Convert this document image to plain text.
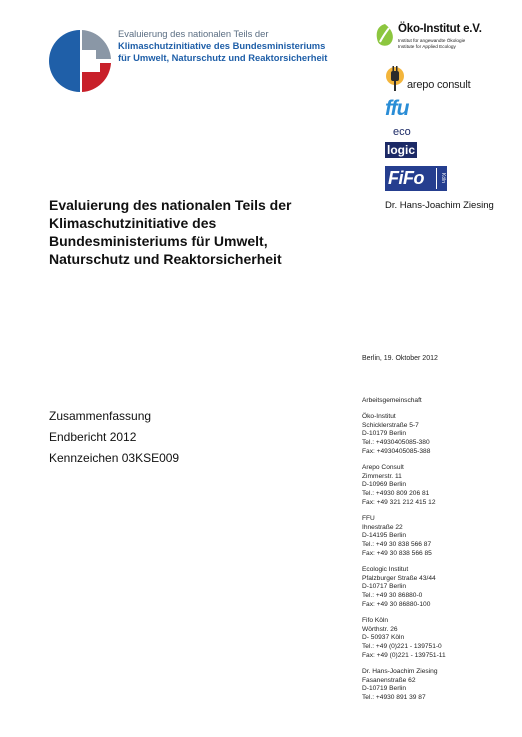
Evaluierung des nationalen Teils der
Klimaschutzinitiative des Bundesministeriums
für Umwelt, Naturschutz und Reaktorsicherheit
Öko-Institut e.V.
Institut für angewandte Ökologie
Institute for Applied Ecology
arepo consult
ffu
eco
logic
FiFo	Köln
Dr. Hans-Joachim Ziesing
Evaluierung des nationalen Teils der
Klimaschutzinitiative des
Bundesministeriums für Umwelt,
Naturschutz und Reaktorsicherheit
Berlin, 19. Oktober 2012
Zusammenfassung
Endbericht 2012
Kennzeichen 03KSE009
Arbeitsgemeinschaft
Öko-Institut
Schicklerstraße 5-7
D-10179 Berlin
Tel.: +4930405085-380
Fax: +4930405085-388
Arepo Consult
Zimmerstr. 11
D-10969 Berlin
Tel.: +4930 809 206 81
Fax: +49 321 212 415 12
FFU
Ihnestraße 22
D-14195 Berlin
Tel.: +49 30 838 566 87
Fax: +49 30 838 566 85
Ecologic Institut
Pfalzburger Straße 43/44
D-10717 Berlin
Tel.: +49 30 86880-0
Fax: +49 30 86880-100
Fifo Köln
Wörthstr. 26
D- 50937 Köln
Tel.: +49 (0)221 - 139751-0
Fax: +49 (0)221 - 139751-11
Dr. Hans-Joachim Ziesing
Fasanenstraße 62
D-10719 Berlin
Tel.: +4930 891 39 87
